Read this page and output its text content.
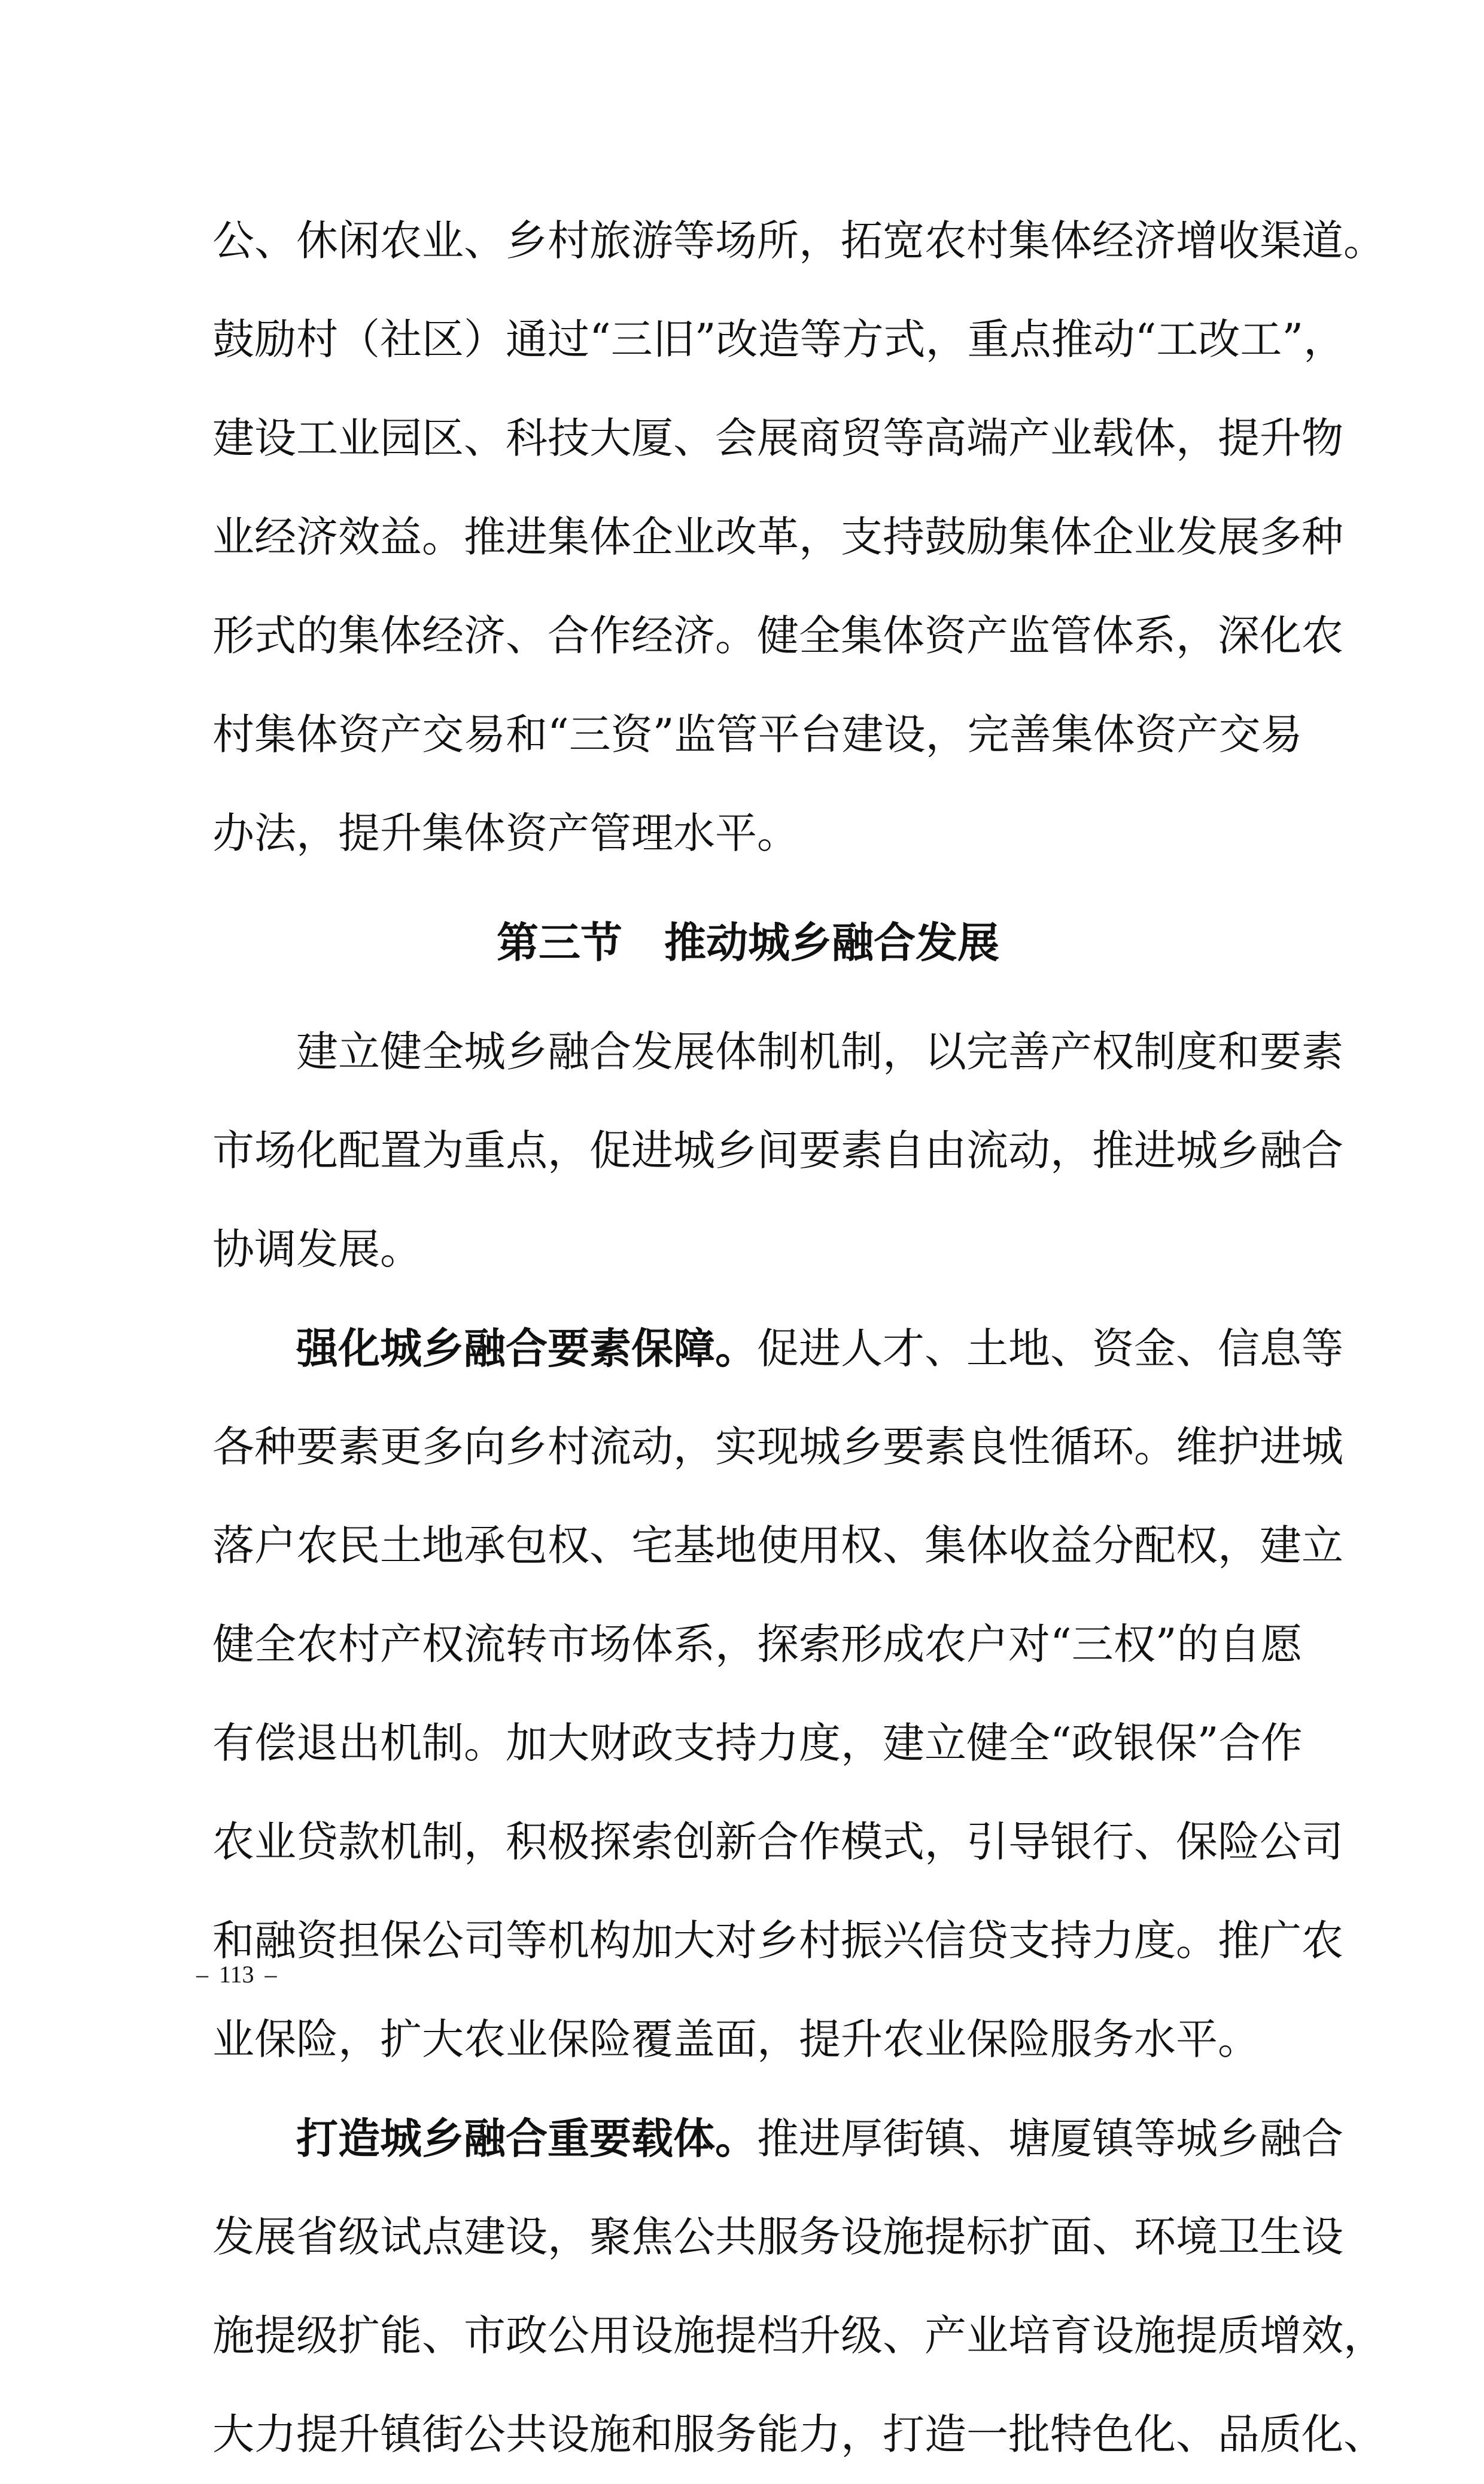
公、休闲农业、乡村旅游等场所，拓宽农村集体经济增收渠道。
鼓励村（社区）通过“三旧”改造等方式，重点推动“工改工”，
建设工业园区、科技大厦、会展商贸等高端产业载体，提升物
业经济效益。推进集体企业改革，支持鼓励集体企业发展多种
形式的集体经济、合作经济。健全集体资产监管体系，深化农
村集体资产交易和“三资”监管平台建设，完善集体资产交易
办法，提升集体资产管理水平。
第三节 推动城乡融合发展
建立健全城乡融合发展体制机制，以完善产权制度和要素
市场化配置为重点，促进城乡间要素自由流动，推进城乡融合
协调发展。
强化城乡融合要素保障。促进人才、土地、资金、信息等
各种要素更多向乡村流动，实现城乡要素良性循环。维护进城
落户农民土地承包权、宅基地使用权、集体收益分配权，建立
健全农村产权流转市场体系，探索形成农户对“三权”的自愿
有偿退出机制。加大财政支持力度，建立健全“政银保”合作
农业贷款机制，积极探索创新合作模式，引导银行、保险公司
和融资担保公司等机构加大对乡村振兴信贷支持力度。推广农
业保险，扩大农业保险覆盖面，提升农业保险服务水平。
打造城乡融合重要载体。推进厚街镇、塘厦镇等城乡融合
发展省级试点建设，聚焦公共服务设施提标扩面、环境卫生设
施提级扩能、市政公用设施提档升级、产业培育设施提质增效，
大力提升镇街公共设施和服务能力，打造一批特色化、品质化、
– 113 –
